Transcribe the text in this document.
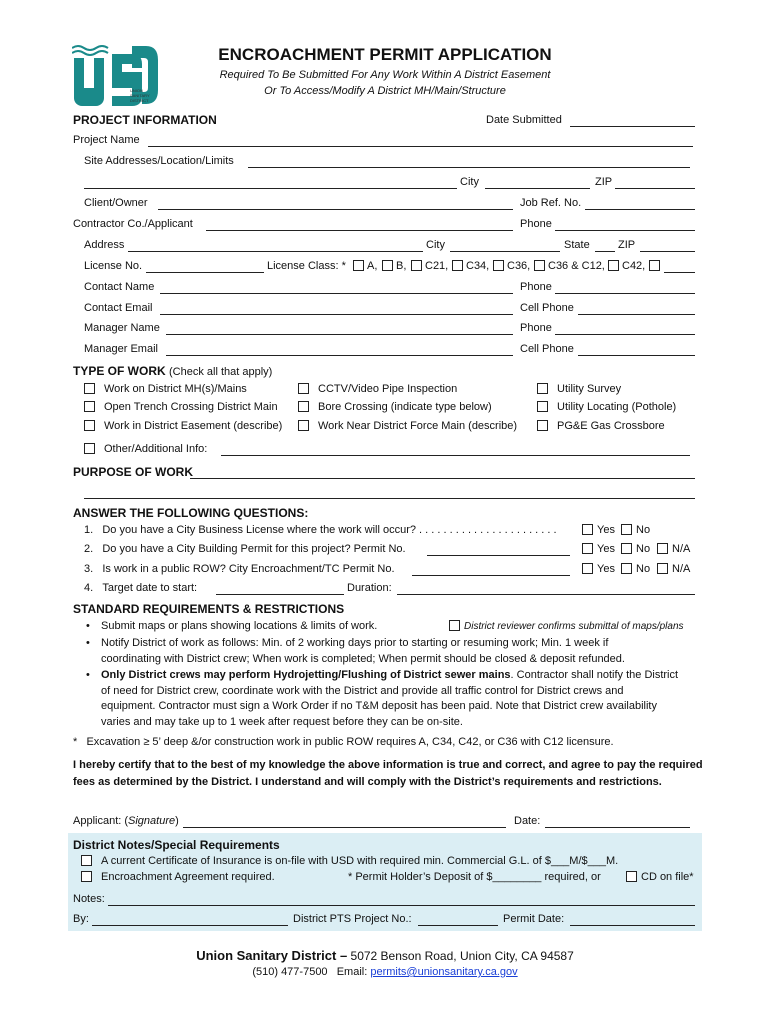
UNION SANITARY DISTRICT
ENCROACHMENT PERMIT APPLICATION
Required To Be Submitted For Any Work Within A District Easement
Or To Access/Modify A District MH/Main/Structure
PROJECT INFORMATION	Date Submitted
Project Name
Site Addresses/Location/Limits
City	ZIP
Client/Owner	Job Ref. No.
Contractor Co./Applicant	Phone
Address	City	State	ZIP
License No.	License Class: * A, B, C21, C34, C36, C36 & C12, C42,
Contact Name	Phone
Contact Email	Cell Phone
Manager Name	Phone
Manager Email	Cell Phone
TYPE OF WORK (Check all that apply)
Work on District MH(s)/Mains	CCTV/Video Pipe Inspection	Utility Survey
Open Trench Crossing District Main	Bore Crossing (indicate type below)	Utility Locating (Pothole)
Work in District Easement (describe)	Work Near District Force Main (describe)	PG&E Gas Crossbore
Other/Additional Info:
PURPOSE OF WORK
ANSWER THE FOLLOWING QUESTIONS:
1.   Do you have a City Business License where the work will occur? . . . . . . . . . . . . . . . . . . . . . . .	Yes No
2.   Do you have a City Building Permit for this project? Permit No.	Yes No N/A
3.   Is work in a public ROW? City Encroachment/TC Permit No.	Yes No N/A
4.   Target date to start:	Duration:
STANDARD REQUIREMENTS & RESTRICTIONS
• Submit maps or plans showing locations & limits of work.	District reviewer confirms submittal of maps/plans
• Notify District of work as follows: Min. of 2 working days prior to starting or resuming work; Min. 1 week if
coordinating with District crew; When work is completed; When permit should be closed & deposit refunded.
• Only District crews may perform Hydrojetting/Flushing of District sewer mains. Contractor shall notify the District
of need for District crew, coordinate work with the District and provide all traffic control for District crews and
equipment. Contractor must sign a Work Order if no T&M deposit has been paid. Note that District crew availability
varies and may take up to 1 week after request before they can be on-site.
*   Excavation ≥ 5’ deep &/or construction work in public ROW requires A, C34, C42, or C36 with C12 licensure.
I hereby certify that to the best of my knowledge the above information is true and correct, and agree to pay the required
fees as determined by the District. I understand and will comply with the District’s requirements and restrictions.
Applicant: (Signature)	Date:
District Notes/Special Requirements
A current Certificate of Insurance is on-file with USD with required min. Commercial G.L. of $___M/$___M.
Encroachment Agreement required.	* Permit Holder’s Deposit of $________ required, or	CD on file*
Notes:
By:	District PTS Project No.:	Permit Date:
Union Sanitary District – 5072 Benson Road, Union City, CA 94587
(510) 477-7500   Email: permits@unionsanitary.ca.gov
